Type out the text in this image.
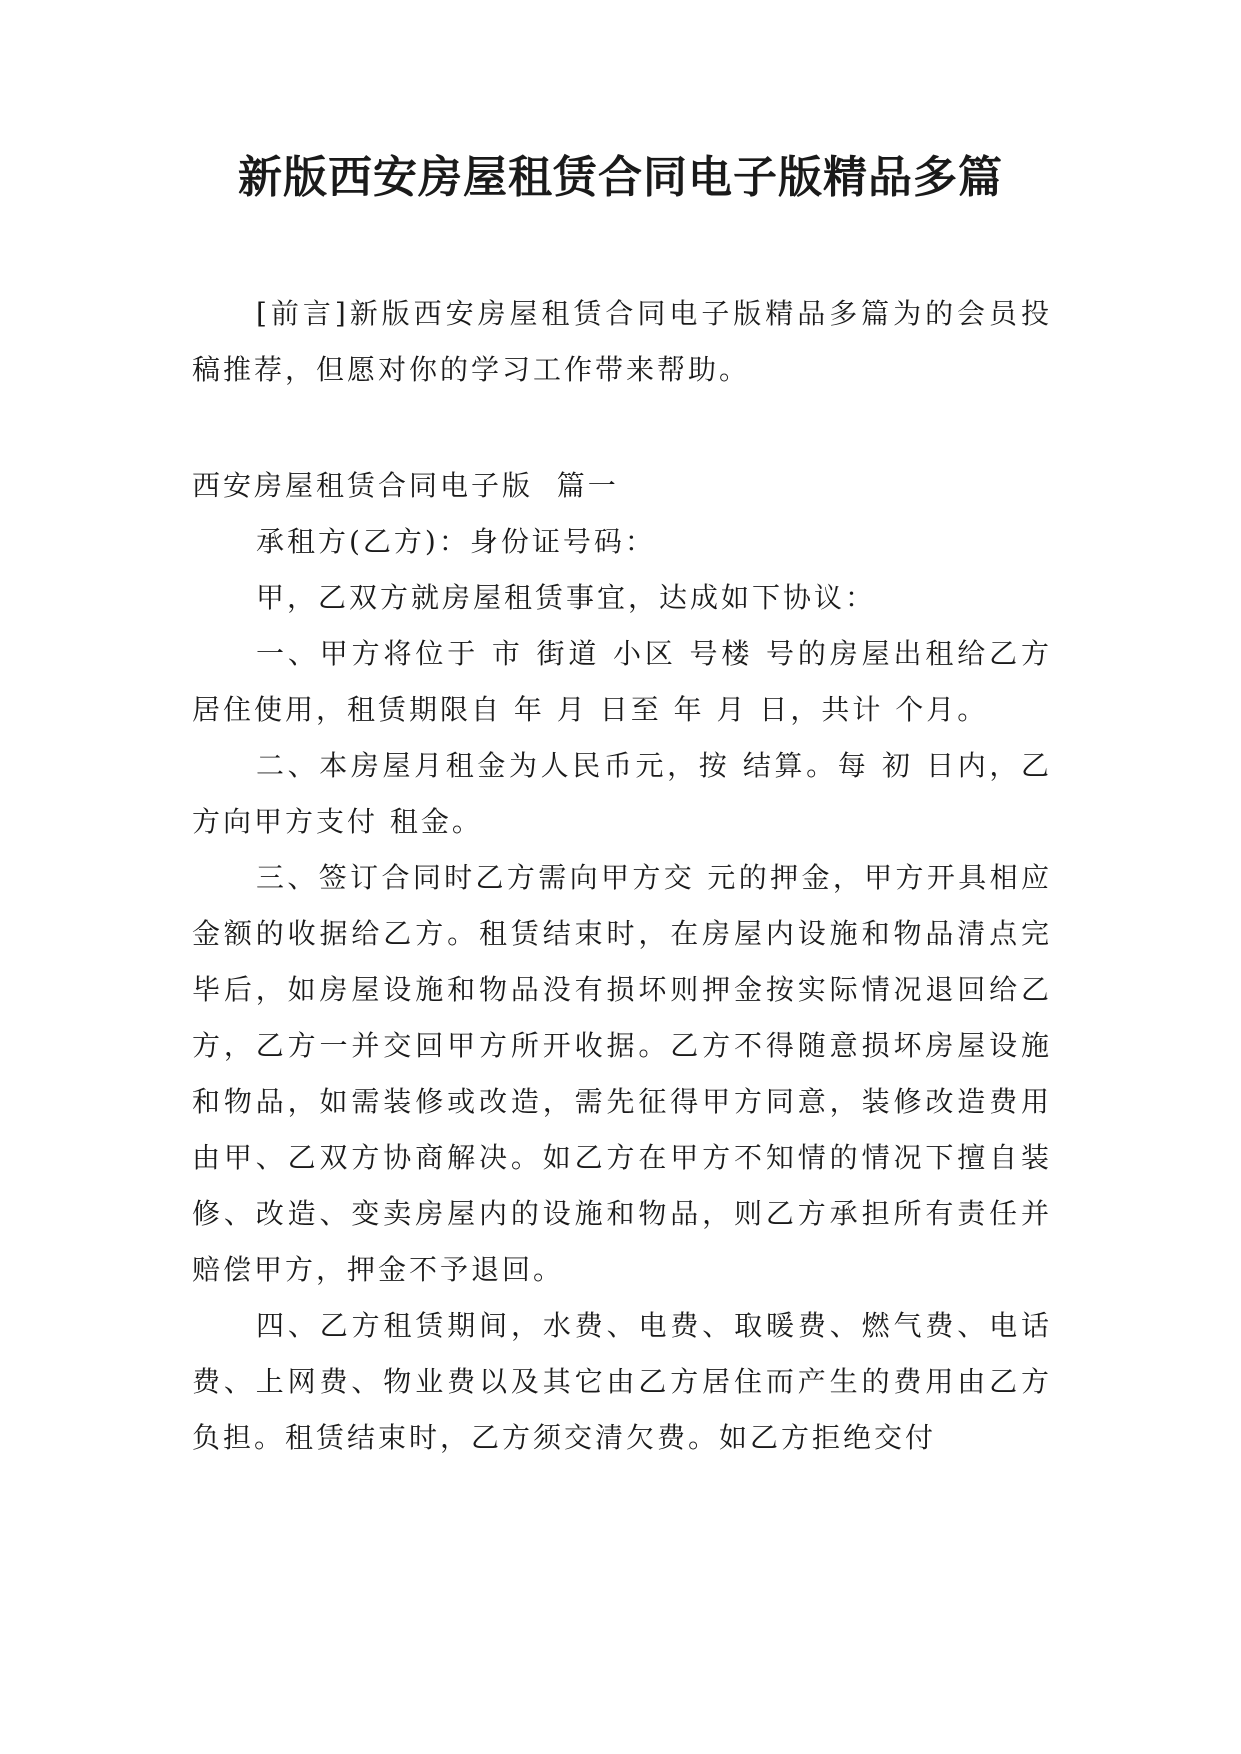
新版西安房屋租赁合同电子版精品多篇

[前言]新版西安房屋租赁合同电子版精品多篇为的会员投稿推荐，但愿对你的学习工作带来帮助。

西安房屋租赁合同电子版  篇一

承租方(乙方)：身份证号码：

甲，乙双方就房屋租赁事宜，达成如下协议：

一、甲方将位于 市 街道 小区 号楼 号的房屋出租给乙方居住使用，租赁期限自 年 月 日至 年 月 日，共计 个月。

二、本房屋月租金为人民币元，按 结算。每 初 日内，乙方向甲方支付 租金。

三、签订合同时乙方需向甲方交 元的押金，甲方开具相应金额的收据给乙方。租赁结束时，在房屋内设施和物品清点完毕后，如房屋设施和物品没有损坏则押金按实际情况退回给乙方，乙方一并交回甲方所开收据。乙方不得随意损坏房屋设施和物品，如需装修或改造，需先征得甲方同意，装修改造费用由甲、乙双方协商解决。如乙方在甲方不知情的情况下擅自装修、改造、变卖房屋内的设施和物品，则乙方承担所有责任并赔偿甲方，押金不予退回。

四、乙方租赁期间，水费、电费、取暖费、燃气费、电话费、上网费、物业费以及其它由乙方居住而产生的费用由乙方负担。租赁结束时，乙方须交清欠费。如乙方拒绝交付
